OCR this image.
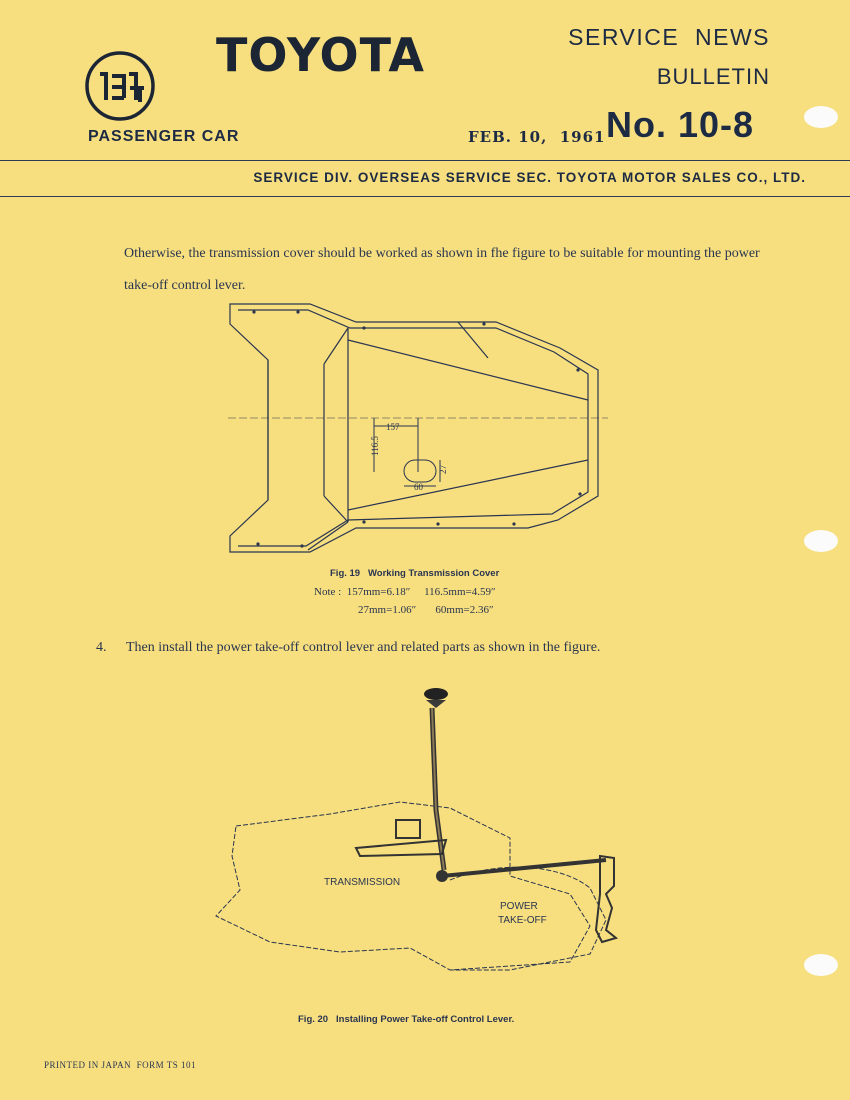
TOYOTA	SERVICE  NEWS
BULLETIN
PASSENGER CAR	FEB. 10,  1961 No. 10-8
SERVICE DIV. OVERSEAS SERVICE SEC. TOYOTA MOTOR SALES CO., LTD.
Otherwise, the transmission cover should be worked as shown in fhe figure to be suitable for mounting the power take-off control lever.
157
116.5
27
60
Fig. 19   Working Transmission Cover
Note :  157mm=6.18″     116.5mm=4.59″
27mm=1.06″       60mm=2.36″
4. Then install the power take-off control lever and related parts as shown in the figure.
TRANSMISSION
POWER
TAKE-OFF
Fig. 20   Installing Power Take-off Control Lever.
PRINTED IN JAPAN  FORM TS 101
